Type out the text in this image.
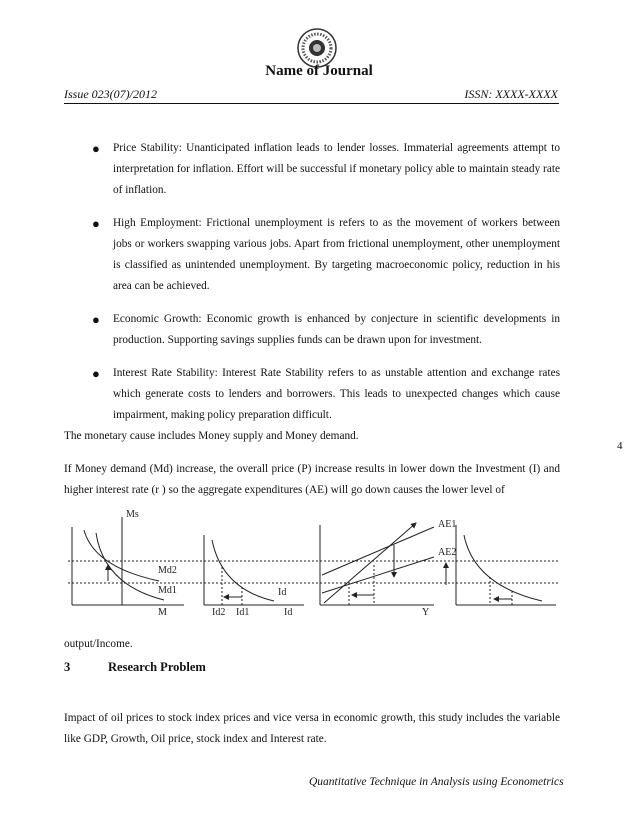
Name of Journal
Issue 023(07)/2012	ISSN: XXXX-XXXX
● Price Stability: Unanticipated inflation leads to lender losses. Immaterial agreements attempt to interpretation for inflation. Effort will be successful if monetary policy able to maintain steady rate of inflation.
● High Employment: Frictional unemployment is refers to as the movement of workers between jobs or workers swapping various jobs. Apart from frictional unemployment, other unemployment is classified as unintended unemployment. By targeting macroeconomic policy, reduction in his area can be achieved.
● Economic Growth: Economic growth is enhanced by conjecture in scientific developments in production. Supporting savings supplies funds can be drawn upon for investment.
● Interest Rate Stability: Interest Rate Stability refers to as unstable attention and exchange rates which generate costs to lenders and borrowers. This leads to unexpected changes which cause impairment, making policy preparation difficult.
The monetary cause includes Money supply and Money demand.
4
If Money demand (Md) increase, the overall price (P) increase results in lower down the Investment (I) and higher interest rate (r ) so the aggregate expenditures (AE) will go down causes the lower level of
Ms
Md2
Md1
M	Id2 Id1
Id
Id
AE1
AE2
Y
output/Income.
3	Research Problem
Impact of oil prices to stock index prices and vice versa in economic growth, this study includes the variable like GDP, Growth, Oil price, stock index and Interest rate.
Quantitative Technique in Analysis using Econometrics
